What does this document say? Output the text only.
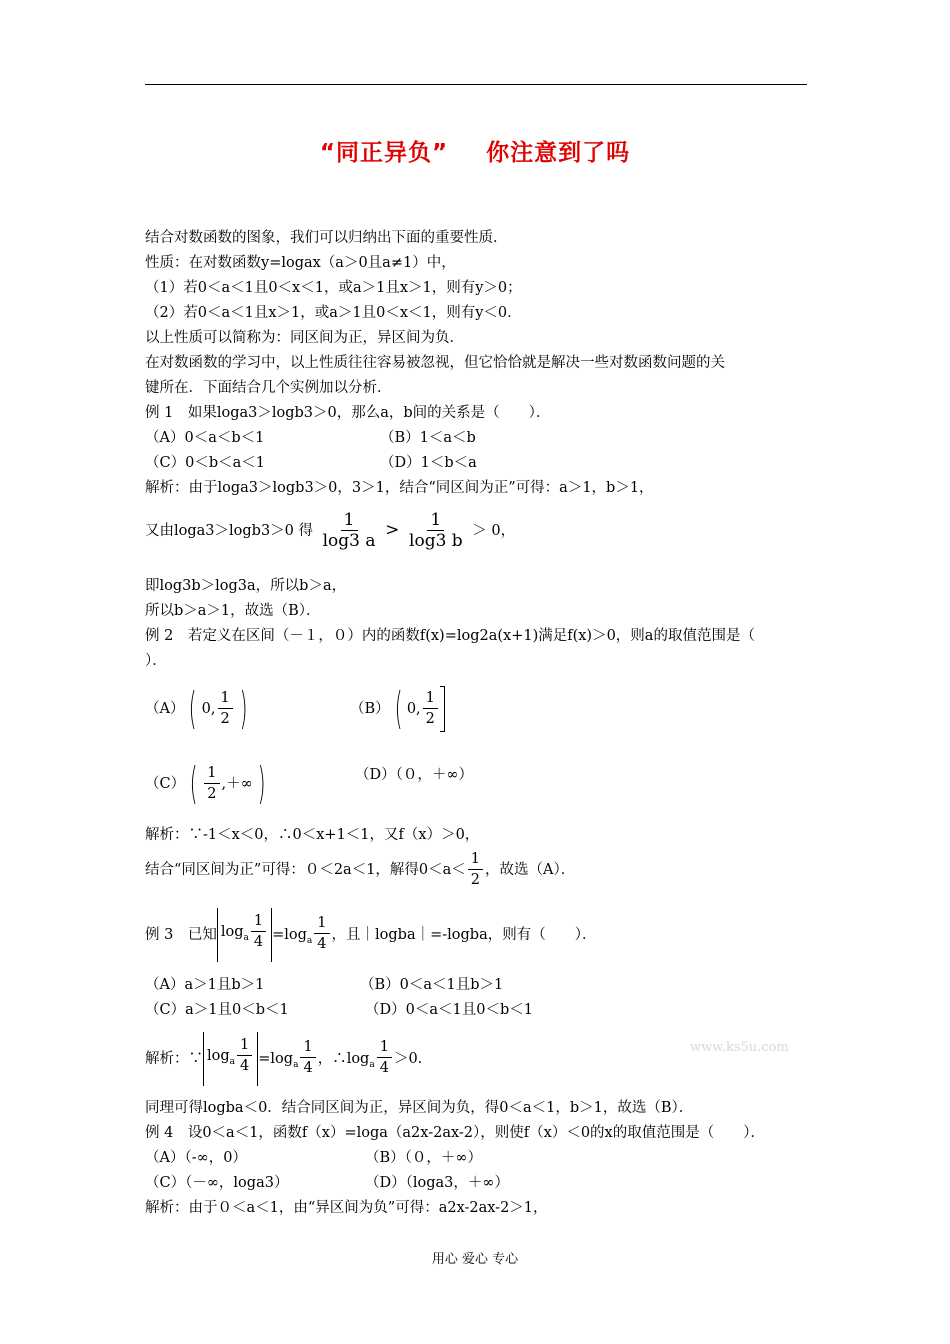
“同正异负” 你注意到了吗
结合对数函数的图象，我们可以归纳出下面的重要性质．
性质：在对数函数y=logax（a＞0且a≠1）中，
（1）若0＜a＜1且0＜x＜1，或a＞1且x＞1，则有y＞0；
（2）若0＜a＜1且x＞1，或a＞1且0＜x＜1，则有y＜0．
以上性质可以简称为：同区间为正，异区间为负．
在对数函数的学习中，以上性质往往容易被忽视，但它恰恰就是解决一些对数函数问题的关
键所在．下面结合几个实例加以分析．
例 1　如果loga3＞logb3＞0，那么a，b间的关系是（　　）．
（A）0＜a＜b＜1	（B）1＜a＜b
（C）0＜b＜a＜1	（D）1＜b＜a
解析：由于loga3＞logb3＞0，3＞1，结合“同区间为正”可得：a＞1，b＞1，
又由loga3＞logb3＞0 得 $\frac{1}{\log 3 a} > \frac{1}{\log 3 b} > 0$，
即log3b＞log3a，所以b＞a，
所以b＞a＞1，故选（B）．
例 2　若定义在区间（－１，０）内的函数f(x)=log2a(x+1)满足f(x)＞0，则a的取值范围是（
）．
（A） ( 0, $\frac{1}{2}$ )	（B） ( 0, $\frac{1}{2}$
（C） ( $\frac{1}{2}$ ,＋∞ )	（D）（０，＋∞）
解析：∵-1＜x＜0，∴0＜x+1＜1，又f（x）＞0，
结合“同区间为正”可得：０＜2a＜1，解得$0<a< \frac{1}{2}$ ，故选（A）．
例 3　已知 $\log_a \frac{1}{4} =\log_a \frac{1}{4}$ ，且｜logba｜=-logba，则有（　　）．
（A）a＞1且b＞1	（B）0＜a＜1且b＞1
（C）a＞1且0＜b＜1	（D）0＜a＜1且0＜b＜1
解析：∵ $\log_a \frac{1}{4} =\log_a \frac{1}{4}$ ，$\therefore\log_a \frac{1}{4} >0$.
同理可得logba＜0．结合同区间为正，异区间为负，得0＜a＜1，b＞1，故选（B）．
例 4　设0＜a＜1，函数f（x）=loga（a2x-2ax-2），则使f（x）＜0的x的取值范围是（　　）．
（A）（-∞，0）	（B）（０，＋∞）
（C）（－∞，loga3）	（D）（loga3，＋∞）
解析：由于０＜a＜1，由“异区间为负”可得：a2x-2ax-2＞1，
www.ks5u.com
用心 爱心 专心
